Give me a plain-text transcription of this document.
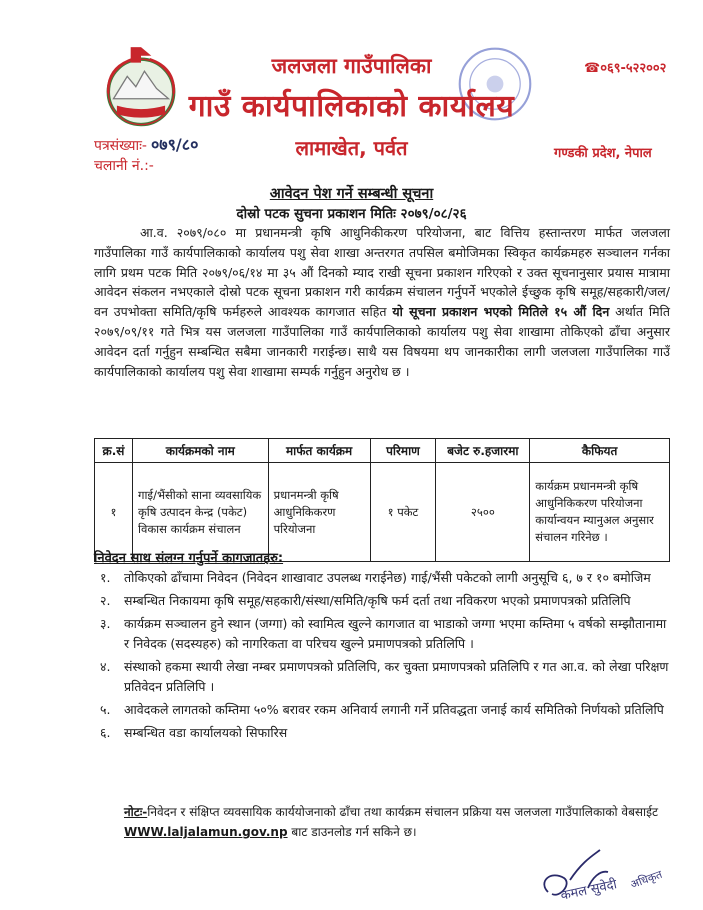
जलजला गाउँपालिका
गाउँ कार्यपालिकाको कार्यालय
लामाखेत, पर्वत
☎०६९-५२२००२
गण्डकी प्रदेश, नेपाल
पत्रसंख्याः- ०७९/८०
चलानी नं.:-
आवेदन पेश गर्ने सम्बन्धी सूचना
दोस्रो पटक सुचना प्रकाशन मितिः २०७९/०८/२६
आ.व. २०७९/०८० मा प्रधानमन्त्री कृषि आधुनिकीकरण परियोजना, बाट वित्तिय हस्तान्तरण मार्फत जलजला गाउँपालिका गाउँ कार्यपालिकाको कार्यालय पशु सेवा शाखा अन्तरगत तपसिल बमोजिमका स्विकृत कार्यक्रमहरु सञ्चालन गर्नका लागि प्रथम पटक मिति २०७९/०६/१४ मा ३५ औं दिनको म्याद राखी सूचना प्रकाशन गरिएको र उक्त सूचनानुसार प्रयास मात्रामा आवेदन संकलन नभएकाले दोस्रो पटक सूचना प्रकाशन गरी कार्यक्रम संचालन गर्नुपर्ने भएकोले ईच्छुक कृषि समूह/सहकारी/जल/वन उपभोक्ता समिति/कृषि फर्महरुले आवश्यक कागजात सहित यो सूचना प्रकाशन भएको मितिले १५ औं दिन अर्थात मिति २०७९/०९/११ गते भित्र यस जलजला गाउँपालिका गाउँ कार्यपालिकाको कार्यालय पशु सेवा शाखामा तोकिएको ढाँचा अनुसार आवेदन दर्ता गर्नुहुन सम्बन्धित सबैमा जानकारी गराईन्छ। साथै यस विषयमा थप जानकारीका लागी जलजला गाउँपालिका गाउँ कार्यपालिकाको कार्यालय पशु सेवा शाखामा सम्पर्क गर्नुहुन अनुरोध छ ।
क्र.सं	कार्यक्रमको नाम	मार्फत कार्यक्रम	परिमाण	बजेट रु.हजारमा	कैफियत
१	गाई/भैंसीको साना व्यवसायिक कृषि उत्पादन केन्द्र (पकेट) विकास कार्यक्रम संचालन	प्रधानमन्त्री कृषि आधुनिकिकरण परियोजना	१ पकेट	२५००	कार्यक्रम प्रधानमन्त्री कृषि आधुनिकिकरण परियोजना कार्यान्वयन म्यानुअल अनुसार संचालन गरिनेछ ।
निवेदन साथ संलग्न गर्नुपर्ने कागजातहरु:
१. तोकिएको ढाँचामा निवेदन (निवेदन शाखावाट उपलब्ध गराईनेछ) गाई/भैंसी पकेटको लागी अनुसूचि ६, ७ र १० बमोजिम
२. सम्बन्धित निकायमा कृषि समूह/सहकारी/संस्था/समिति/कृषि फर्म दर्ता तथा नविकरण भएको प्रमाणपत्रको प्रतिलिपि
३. कार्यक्रम सञ्चालन हुने स्थान (जग्गा) को स्वामित्व खुल्ने कागजात वा भाडाको जग्गा भएमा कम्तिमा ५ वर्षको सम्झौतानामा र निवेदक (सदस्यहरु) को नागरिकता वा परिचय खुल्ने प्रमाणपत्रको प्रतिलिपि ।
४. संस्थाको हकमा स्थायी लेखा नम्बर प्रमाणपत्रको प्रतिलिपि, कर चुक्ता प्रमाणपत्रको प्रतिलिपि र गत आ.व. को लेखा परिक्षण प्रतिवेदन प्रतिलिपि ।
५. आवेदकले लागतको कम्तिमा ५०% बरावर रकम अनिवार्य लगानी गर्ने प्रतिवद्धता जनाई कार्य समितिको निर्णयको प्रतिलिपि
६. सम्बन्धित वडा कार्यालयको सिफारिस
नोटः-निवेदन र संक्षिप्त व्यवसायिक कार्ययोजनाको ढाँचा तथा कार्यक्रम संचालन प्रक्रिया यस जलजला गाउँपालिकाको वेबसाईट WWW.laljalamun.gov.np बाट डाउनलोड गर्न सकिने छ।
कमल सुवेदी अधिकृत
